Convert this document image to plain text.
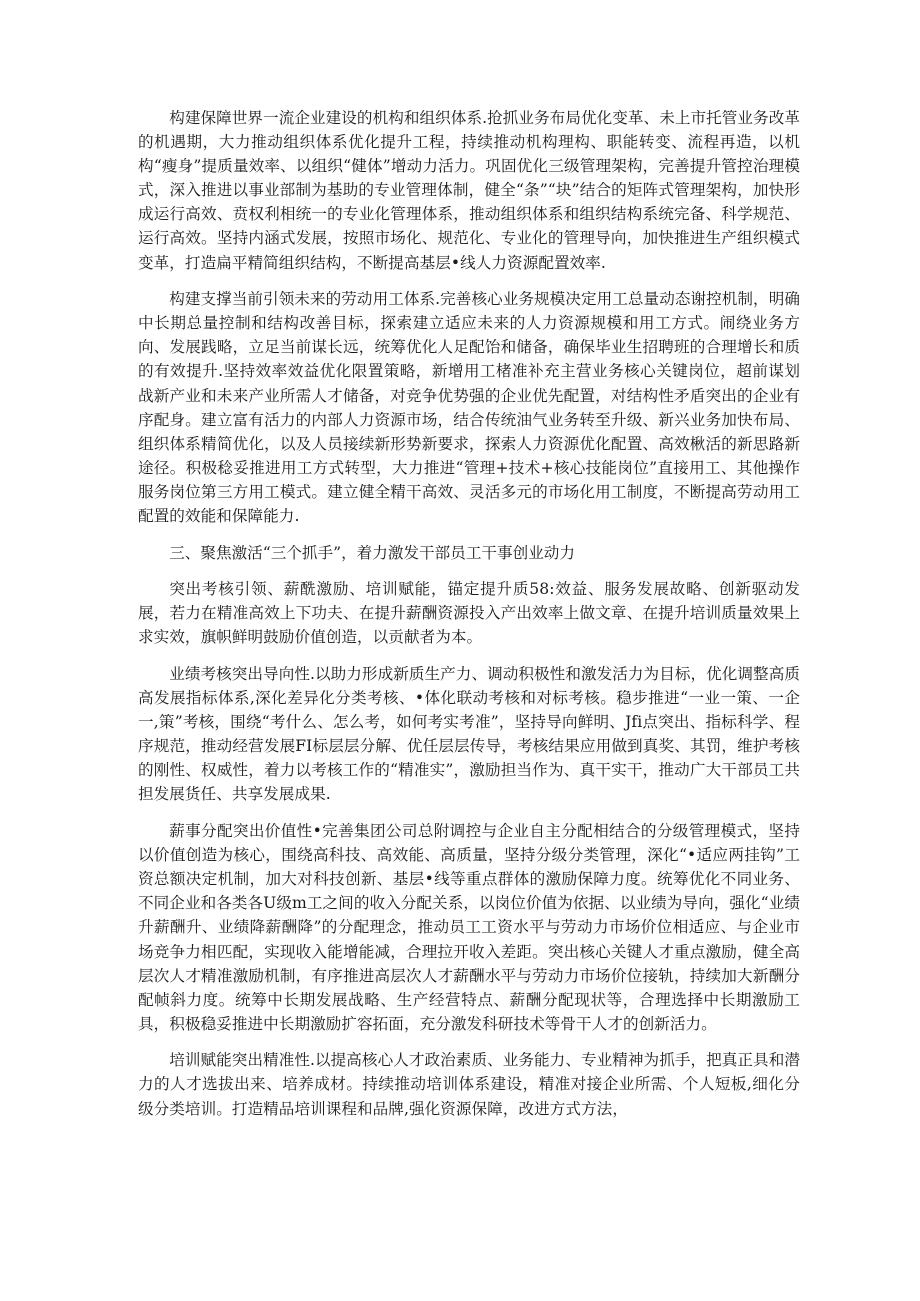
构建保障世界一流企业建设的机构和组织体系.抢抓业务布局优化变革、未上市托管业务改革的机遇期，大力推动组织体系优化提升工程，持续推动机构理构、职能转变、流程再造，以机构“瘦身”提质量效率、以组织“健体”增动力活力。巩固优化三级管理架构，完善提升管控治理模式，深入推进以事业部制为基助的专业管理体制，健全“条”“块”结合的矩阵式管理架构，加快形成运行高效、贲权利相统一的专业化管理体系，推动组织体系和组织结构系统完备、科学规范、运行高效。坚持内涵式发展，按照市场化、规范化、专业化的管理导向，加快推进生产组织模式变革，打造扁平精简组织结构，不断提高基层•线人力资源配置效率.

构建支撑当前引领未来的劳动用工体系.完善核心业务规模决定用工总量动态谢控机制，明确中长期总量控制和结构改善目标，探索建立适应未来的人力资源规模和用工方式。闹绕业务方向、发展践略，立足当前谋长远，统筹优化人足配饴和储备，确保毕业生招聘班的合理增长和质的有效提升.坚持效率效益优化限置策略，新增用工楮准补充主营业务核心关键岗位，超前谋划战新产业和未来产业所需人才储备，对竞争优势强的企业优先配置，对结构性矛盾突出的企业有序配身。建立富有活力的内部人力资源市场，结合传统油气业务转至升级、新兴业务加快布局、组织体系精简优化，以及人员接续新形势新要求，探索人力资源优化配置、高效楸活的新思路新途径。积极稔妥推进用工方式转型，大力推进“管理+技术+核心技能岗位”直接用工、其他操作服务岗位第三方用工模式。建立健全精干高效、灵活多元的市场化用工制度，不断提高劳动用工配置的效能和保障能力.

三、聚焦激活“三个抓手”，着力激发干部员工干事创业动力

突出考核引领、薪酰激励、培训赋能，锚定提升质58:效益、服务发展故略、创新驱动发展，若力在精准高效上下功夫、在提升薪酬资源投入产出效率上做文章、在提升培训质量效果上求实效，旗帜鲜明鼓励价值创造，以贡献者为本。

业绩考核突出导向性.以助力形成新质生产力、调动积极性和激发活力为目标，优化调整高质高发展指标体系,深化差异化分类考核、•体化联动考核和对标考核。稳步推进“一业一策、一企一,策”考核，围绕“考什么、怎么考，如何考实考准”，坚持导向鲜明、Jfi点突出、指标科学、程序规范，推动经营发展FI标层层分解、优任层层传导，考核结果应用做到真奖、其罚，维护考核的刚性、权威性，着力以考核工作的“精准实”，激励担当作为、真干实干，推动广大干部员工共担发展货任、共享发展成果.

薪事分配突出价值性•完善集团公司总附调控与企业自主分配相结合的分级管理模式，坚持以价值创造为核心，围绕高科技、高效能、高质量，坚持分级分类管理，深化“•适应两挂钩”工资总额决定机制，加大对科技创新、基层•线等重点群体的激励保障力度。统筹优化不同业务、不同企业和各类各U级m工之间的收入分配关系，以岗位价值为依据、以业绩为导向，强化“业绩升薪酬升、业绩降薪酬降”的分配理念，推动员工工资水平与劳动力市场价位相适应、与企业市场竞争力相匹配，实现收入能增能减，合理拉开收入差距。突出核心关键人才重点激励，健全高层次人才精准激励机制，有序推进高层次人才薪酬水平与劳动力市场价位接轨，持续加大新酬分配帧斜力度。统筹中长期发展战略、生产经营特点、薪酬分配现状等，合理选择中长期激励工具，积极稳妥推进中长期激励扩容拓面，充分激发科研技术等骨干人才的创新活力。

培训赋能突出精准性.以提高核心人才政治素质、业务能力、专业精神为抓手，把真正具和潜力的人才选拔出来、培养成材。持续推动培训体系建设，精准对接企业所需、个人短板,细化分级分类培训。打造精品培训课程和品牌,强化资源保障，改进方式方法，
